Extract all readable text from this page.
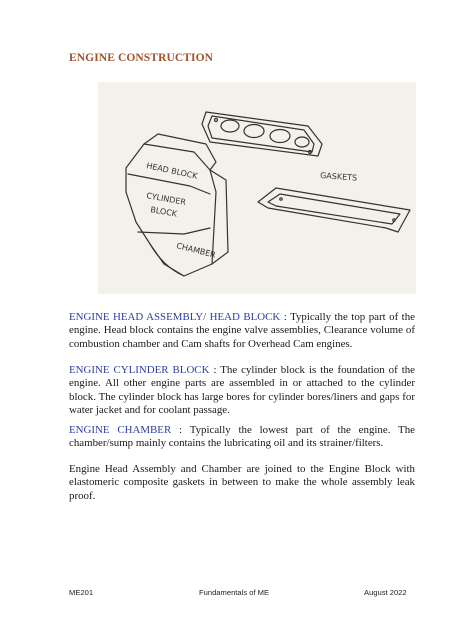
ENGINE CONSTRUCTION
HEAD BLOCK
CYLINDER
BLOCK
CHAMBER
GASKETS
ENGINE HEAD ASSEMBLY/ HEAD BLOCK : Typically the top part of the engine. Head block contains the engine valve assemblies, Clearance volume of combustion chamber and Cam shafts for Overhead Cam engines.
ENGINE CYLINDER BLOCK : The cylinder block is the foundation of the engine. All other engine parts are assembled in or attached to the cylinder block. The cylinder block has large bores for cylinder bores/liners and gaps for water jacket and for coolant passage.
ENGINE CHAMBER : Typically the lowest part of the engine. The chamber/sump mainly contains the lubricating oil and its strainer/filters.
Engine Head Assembly and Chamber are joined to the Engine Block with elastomeric composite gaskets in between to make the whole assembly leak proof.
ME201	Fundamentals of ME	August 2022
